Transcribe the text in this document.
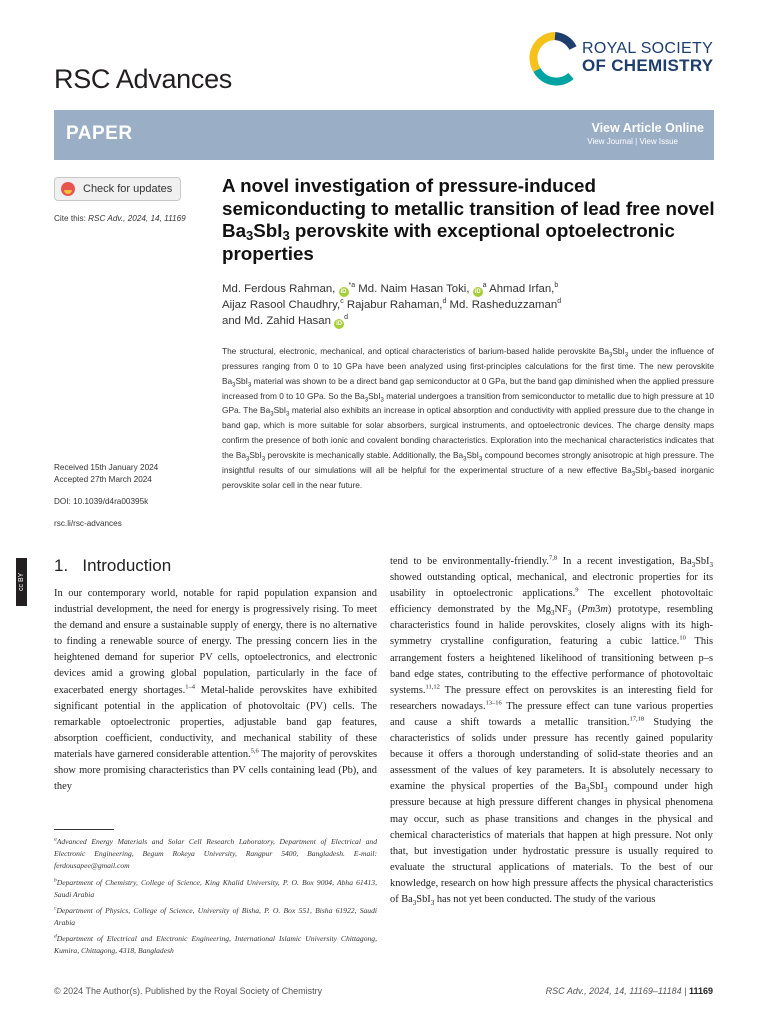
RSC Advances
ROYAL SOCIETY
OF CHEMISTRY
PAPER	View Article Online
View Journal | View Issue
Check for updates
Cite this: RSC Adv., 2024, 14, 11169
Received 15th January 2024
Accepted 27th March 2024
DOI: 10.1039/d4ra00395k
rsc.li/rsc-advances
A novel investigation of pressure-induced semiconducting to metallic transition of lead free novel $Ba_3SbI_3$ perovskite with exceptional optoelectronic properties
Md. Ferdous Rahman, $iD^{*a}$ Md. Naim Hasan Toki, $iD^a$ Ahmad Irfan,$^b$
Aijaz Rasool Chaudhry,$^c$ Rajabur Rahaman,$^d$ Md. Rasheduzzaman$^d$
and Md. Zahid Hasan $iD^d$
The structural, electronic, mechanical, and optical characteristics of barium-based halide perovskite $Ba_3SbI_3$ under the influence of pressures ranging from 0 to 10 GPa have been analyzed using first-principles calculations for the first time. The new perovskite $Ba_3SbI_3$ material was shown to be a direct band gap semiconductor at 0 GPa, but the band gap diminished when the applied pressure increased from 0 to 10 GPa. So the $Ba_3SbI_3$ material undergoes a transition from semiconductor to metallic due to high pressure at 10 GPa. The $Ba_3SbI_3$ material also exhibits an increase in optical absorption and conductivity with applied pressure due to the change in band gap, which is more suitable for solar absorbers, surgical instruments, and optoelectronic devices. The charge density maps confirm the presence of both ionic and covalent bonding characteristics. Exploration into the mechanical characteristics indicates that the $Ba_3SbI_3$ perovskite is mechanically stable. Additionally, the $Ba_3SbI_3$ compound becomes strongly anisotropic at high pressure. The insightful results of our simulations will all be helpful for the experimental structure of a new effective $Ba_3SbI_3$-based inorganic perovskite solar cell in the near future.
cc BY
1. Introduction

In our contemporary world, notable for rapid population expansion and industrial development, the need for energy is progressively rising. To meet the demand and ensure a sustainable supply of energy, there is no alternative to finding a renewable source of energy. The pressing concern lies in the heightened demand for superior PV cells, optoelectronics, and electronic devices amid a growing global population, particularly in the face of exacerbated energy shortages.$^{1-4}$ Metal-halide perovskites have exhibited significant potential in the application of photovoltaic (PV) cells. The remarkable optoelectronic properties, adjustable band gap features, absorption coefficient, conductivity, and mechanical stability of these materials have garnered considerable attention.$^{5,6}$ The majority of perovskites show more promising characteristics than PV cells containing lead (Pb), and they

tend to be environmentally-friendly.$^{7,8}$ In a recent investigation, $Ba_3SbI_3$ showed outstanding optical, mechanical, and electronic properties for its usability in optoelectronic applications.$^9$ The excellent photovoltaic efficiency demonstrated by the $Mg_3NF_3$ (Pm3m) prototype, resembling characteristics found in halide perovskites, closely aligns with its high-symmetry crystalline configuration, featuring a cubic lattice.$^{10}$ This arrangement fosters a heightened likelihood of transitioning between p–s band edge states, contributing to the effective performance of photovoltaic systems.$^{11,12}$ The pressure effect on perovskites is an interesting field for researchers nowadays.$^{13-16}$ The pressure effect can tune various properties and cause a shift towards a metallic transition.$^{17,18}$ Studying the characteristics of solids under pressure has recently gained popularity because it offers a thorough understanding of solid-state theories and an assessment of the values of key parameters. It is absolutely necessary to examine the physical properties of the $Ba_3SbI_3$ compound under high pressure because at high pressure different changes in physical phenomena may occur, such as phase transitions and changes in the physical and chemical characteristics of materials that happen at high pressure. Not only that, but investigation under hydrostatic pressure is usually required to evaluate the structural applications of materials. To the best of our knowledge, research on how high pressure affects the physical characteristics of $Ba_3SbI_3$ has not yet been conducted. The study of the various

$^a$Advanced Energy Materials and Solar Cell Research Laboratory, Department of Electrical and Electronic Engineering, Begum Rokeya University, Rangpur 5400, Bangladesh. E-mail: ferdousapee@gmail.com
$^b$Department of Chemistry, College of Science, King Khalid University, P. O. Box 9004, Abha 61413, Saudi Arabia
$^c$Department of Physics, College of Science, University of Bisha, P. O. Box 551, Bisha 61922, Saudi Arabia
$^d$Department of Electrical and Electronic Engineering, International Islamic University Chittagong, Kumira, Chittagong, 4318, Bangladesh
© 2024 The Author(s). Published by the Royal Society of Chemistry	RSC Adv., 2024, 14, 11169–11184 | 11169
